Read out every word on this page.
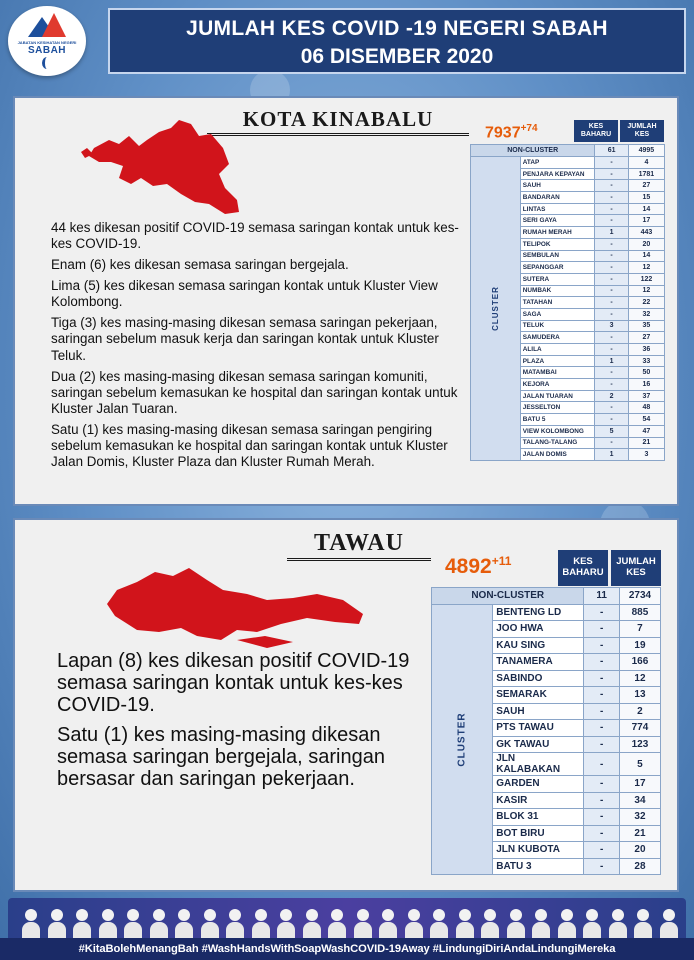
JABATAN KESIHATAN NEGERI
SABAH
JUMLAH KES COVID -19 NEGERI SABAH
06 DISEMBER 2020
KOTA KINABALU

44 kes dikesan positif COVID-19 semasa saringan kontak untuk kes-kes COVID-19.

Enam (6) kes dikesan semasa saringan bergejala.

Lima (5) kes dikesan semasa saringan kontak untuk Kluster View Kolombong.

Tiga (3) kes masing-masing dikesan semasa saringan pekerjaan, saringan sebelum masuk kerja dan saringan kontak untuk Kluster Teluk.

Dua (2) kes masing-masing dikesan semasa saringan komuniti, saringan sebelum kemasukan ke hospital dan saringan kontak untuk Kluster Jalan Tuaran.

Satu (1) kes masing-masing dikesan semasa saringan pengiring sebelum kemasukan ke hospital dan saringan kontak untuk Kluster Jalan Domis, Kluster Plaza dan Kluster Rumah Merah.

$7937^{+74}$	KES BAHARU
JUMLAH KES
NON-CLUSTER		61	4995
CLUSTER	ATAP	-	4
	PENJARA KEPAYAN	-	1781
	SAUH	-	27
	BANDARAN	-	15
	LINTAS	-	14
	SERI GAYA	-	17
	RUMAH MERAH	1	443
	TELIPOK	-	20
	SEMBULAN	-	14
	SEPANGGAR	-	12
	SUTERA	-	122
	NUMBAK	-	12
	TATAHAN	-	22
	SAGA	-	32
	TELUK	3	35
	SAMUDERA	-	27
	ALILA	-	36
	PLAZA	1	33
	MATAMBAI	-	50
	KEJORA	-	16
	JALAN TUARAN	2	37
	JESSELTON	-	48
	BATU 5	-	54
	VIEW KOLOMBONG	5	47
	TALANG-TALANG	-	21
	JALAN DOMIS	1	3
TAWAU

Lapan (8) kes dikesan positif COVID-19 semasa saringan kontak untuk kes-kes COVID-19.

Satu (1) kes masing-masing dikesan semasa saringan bergejala, saringan bersasar dan saringan pekerjaan.

$4892^{+11}$	KES BAHARU
JUMLAH KES
NON-CLUSTER		11	2734
CLUSTER	BENTENG LD	-	885
	JOO HWA	-	7
	KAU SING	-	19
	TANAMERA	-	166
	SABINDO	-	12
	SEMARAK	-	13
	SAUH	-	2
	PTS TAWAU	-	774
	GK TAWAU	-	123
	JLN KALABAKAN	-	5
	GARDEN	-	17
	KASIR	-	34
	BLOK 31	-	32
	BOT BIRU	-	21
	JLN KUBOTA	-	20
	BATU 3	-	28
#KitaBolehMenangBah #WashHandsWithSoapWashCOVID-19Away #LindungiDiriAndaLindungiMereka
